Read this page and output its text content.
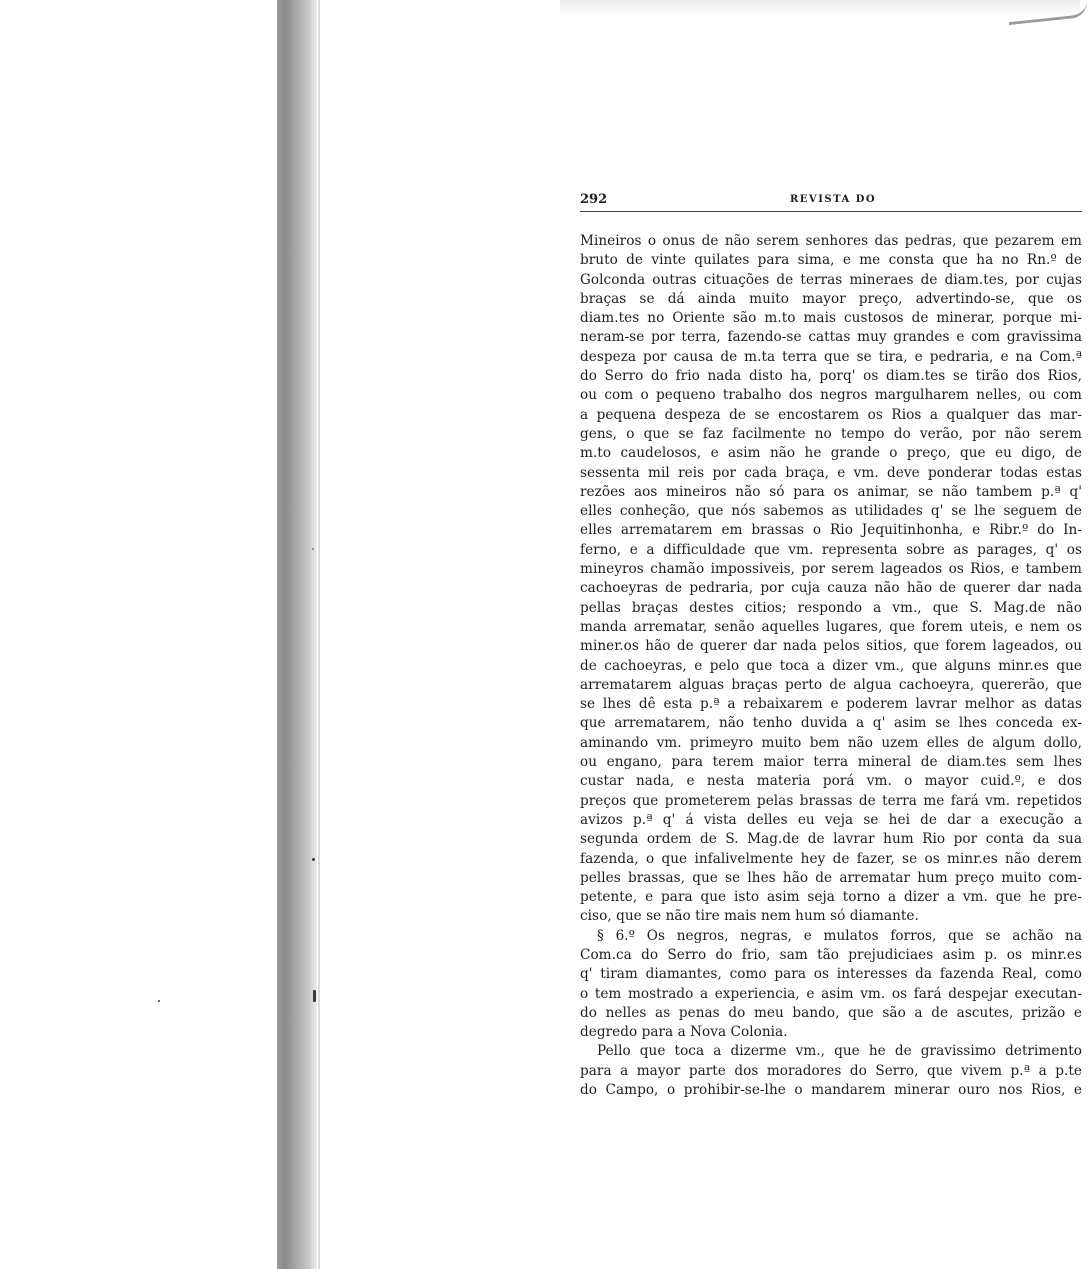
292	REVISTA DO
Mineiros o onus de não serem senhores das pedras, que pezarem em
bruto de vinte quilates para sima, e me consta que ha no Rn.º de
Golconda outras cituações de terras mineraes de diam.tes, por cujas
braças se dá ainda muito mayor preço, advertindo-se, que os
diam.tes no Oriente são m.to mais custosos de minerar, porque mi-
neram-se por terra, fazendo-se cattas muy grandes e com gravissima
despeza por causa de m.ta terra que se tira, e pedraria, e na Com.ª
do Serro do frio nada disto ha, porq' os diam.tes se tirão dos Rios,
ou com o pequeno trabalho dos negros margulharem nelles, ou com
a pequena despeza de se encostarem os Rios a qualquer das mar-
gens, o que se faz facilmente no tempo do verão, por não serem
m.to caudelosos, e asim não he grande o preço, que eu digo, de
sessenta mil reis por cada braça, e vm. deve ponderar todas estas
rezões aos mineiros não só para os animar, se não tambem p.ª q'
elles conheção, que nós sabemos as utilidades q' se lhe seguem de
elles arrematarem em brassas o Rio Jequitinhonha, e Ribr.º do In-
ferno, e a difficuldade que vm. representa sobre as parages, q' os
mineyros chamão impossiveis, por serem lageados os Rios, e tambem
cachoeyras de pedraria, por cuja cauza não hão de querer dar nada
pellas braças destes citios; respondo a vm., que S. Mag.de não
manda arrematar, senão aquelles lugares, que forem uteis, e nem os
miner.os hão de querer dar nada pelos sitios, que forem lageados, ou
de cachoeyras, e pelo que toca a dizer vm., que alguns minr.es que
arrematarem alguas braças perto de algua cachoeyra, quererão, que
se lhes dê esta p.ª a rebaixarem e poderem lavrar melhor as datas
que arrematarem, não tenho duvida a q' asim se lhes conceda ex-
aminando vm. primeyro muito bem não uzem elles de algum dollo,
ou engano, para terem maior terra mineral de diam.tes sem lhes
custar nada, e nesta materia porá vm. o mayor cuid.º, e dos
preços que prometerem pelas brassas de terra me fará vm. repetidos
avizos p.ª q' á vista delles eu veja se hei de dar a execução a
segunda ordem de S. Mag.de de lavrar hum Rio por conta da sua
fazenda, o que infalivelmente hey de fazer, se os minr.es não derem
pelles brassas, que se lhes hão de arrematar hum preço muito com-
petente, e para que isto asim seja torno a dizer a vm. que he pre-
ciso, que se não tire mais nem hum só diamante.
§ 6.º Os negros, negras, e mulatos forros, que se achão na
Com.ca do Serro do frio, sam tão prejudiciaes asim p. os minr.es
q' tiram diamantes, como para os interesses da fazenda Real, como
o tem mostrado a experiencia, e asim vm. os fará despejar executan-
do nelles as penas do meu bando, que são a de ascutes, prizão e
degredo para a Nova Colonia.
Pello que toca a dizerme vm., que he de gravissimo detrimento
para a mayor parte dos moradores do Serro, que vivem p.ª a p.te
do Campo, o prohibir-se-lhe o mandarem minerar ouro nos Rios, e
